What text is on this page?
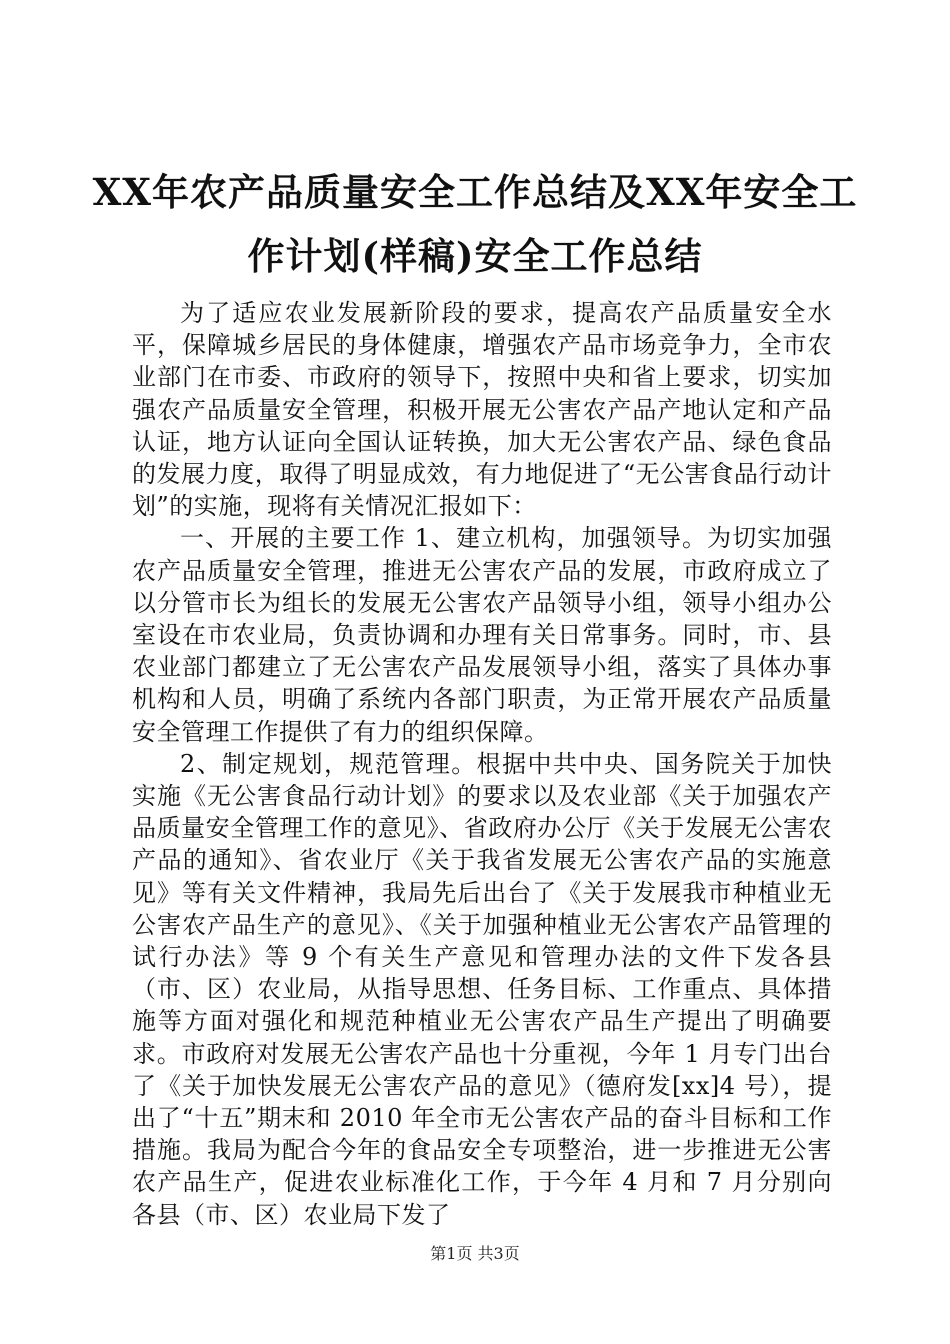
XX年农产品质量安全工作总结及XX年安全工作计划(样稿)安全工作总结

为了适应农业发展新阶段的要求，提高农产品质量安全水平，保障城乡居民的身体健康，增强农产品市场竞争力，全市农业部门在市委、市政府的领导下，按照中央和省上要求，切实加强农产品质量安全管理，积极开展无公害农产品产地认定和产品认证，地方认证向全国认证转换，加大无公害农产品、绿色食品的发展力度，取得了明显成效，有力地促进了“无公害食品行动计划”的实施，现将有关情况汇报如下：

一、开展的主要工作 1、建立机构，加强领导。为切实加强农产品质量安全管理，推进无公害农产品的发展，市政府成立了以分管市长为组长的发展无公害农产品领导小组，领导小组办公室设在市农业局，负责协调和办理有关日常事务。同时，市、县农业部门都建立了无公害农产品发展领导小组，落实了具体办事机构和人员，明确了系统内各部门职责，为正常开展农产品质量安全管理工作提供了有力的组织保障。

2、制定规划，规范管理。根据中共中央、国务院关于加快实施《无公害食品行动计划》的要求以及农业部《关于加强农产品质量安全管理工作的意见》、省政府办公厅《关于发展无公害农产品的通知》、省农业厅《关于我省发展无公害农产品的实施意见》等有关文件精神，我局先后出台了《关于发展我市种植业无公害农产品生产的意见》、《关于加强种植业无公害农产品管理的试行办法》等 9 个有关生产意见和管理办法的文件下发各县（市、区）农业局，从指导思想、任务目标、工作重点、具体措施等方面对强化和规范种植业无公害农产品生产提出了明确要求。市政府对发展无公害农产品也十分重视，今年 1 月专门出台了《关于加快发展无公害农产品的意见》（德府发[xx]4 号），提出了“十五”期末和 2010 年全市无公害农产品的奋斗目标和工作措施。我局为配合今年的食品安全专项整治，进一步推进无公害农产品生产，促进农业标准化工作，于今年 4 月和 7 月分别向各县（市、区）农业局下发了

第1页 共3页
